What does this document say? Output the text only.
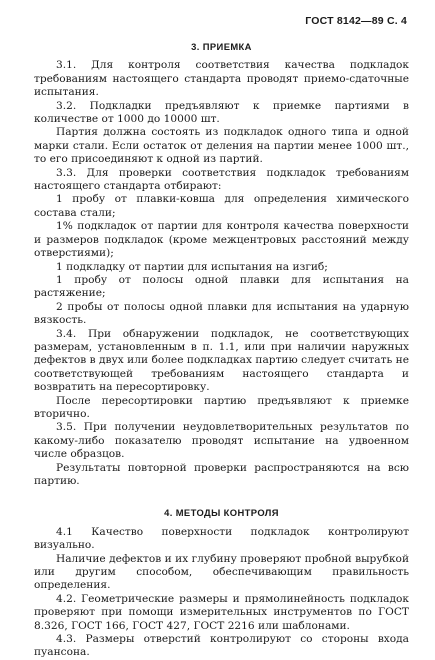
ГОСТ 8142—89 С. 4
3. ПРИЕМКА

3.1. Для контроля соответствия качества подкладок требованиям настоящего стандарта проводят приемо-сдаточные испытания.

3.2. Подкладки предъявляют к приемке партиями в количестве от 1000 до 10000 шт.

Партия должна состоять из подкладок одного типа и одной марки стали. Если остаток от деления на партии менее 1000 шт., то его присоединяют к одной из партий.

3.3. Для проверки соответствия подкладок требованиям настоящего стандарта отбирают:

1 пробу от плавки-ковша для определения химического состава стали;

1% подкладок от партии для контроля качества поверхности и размеров подкладок (кроме межцентровых расстояний между отверстиями);

1 подкладку от партии для испытания на изгиб;

1 пробу от полосы одной плавки для испытания на растяжение;

2 пробы от полосы одной плавки для испытания на ударную вязкость.

3.4. При обнаружении подкладок, не соответствующих размерам, установленным в п. 1.1, или при наличии наружных дефектов в двух или более подкладках партию следует считать не соответствующей требованиям настоящего стандарта и возвратить на пересортировку.

После пересортировки партию предъявляют к приемке вторично.

3.5. При получении неудовлетворительных результатов по какому-либо показателю проводят испытание на удвоенном числе образцов.

Результаты повторной проверки распространяются на всю партию.

4. МЕТОДЫ КОНТРОЛЯ

4.1 Качество поверхности подкладок контролируют визуально.

Наличие дефектов и их глубину проверяют пробной вырубкой или другим способом, обеспечивающим правильность определения.

4.2. Геометрические размеры и прямолинейность подкладок проверяют при помощи измерительных инструментов по ГОСТ 8.326, ГОСТ 166, ГОСТ 427, ГОСТ 2216 или шаблонами.

4.3. Размеры отверстий контролируют со стороны входа пуансона.
